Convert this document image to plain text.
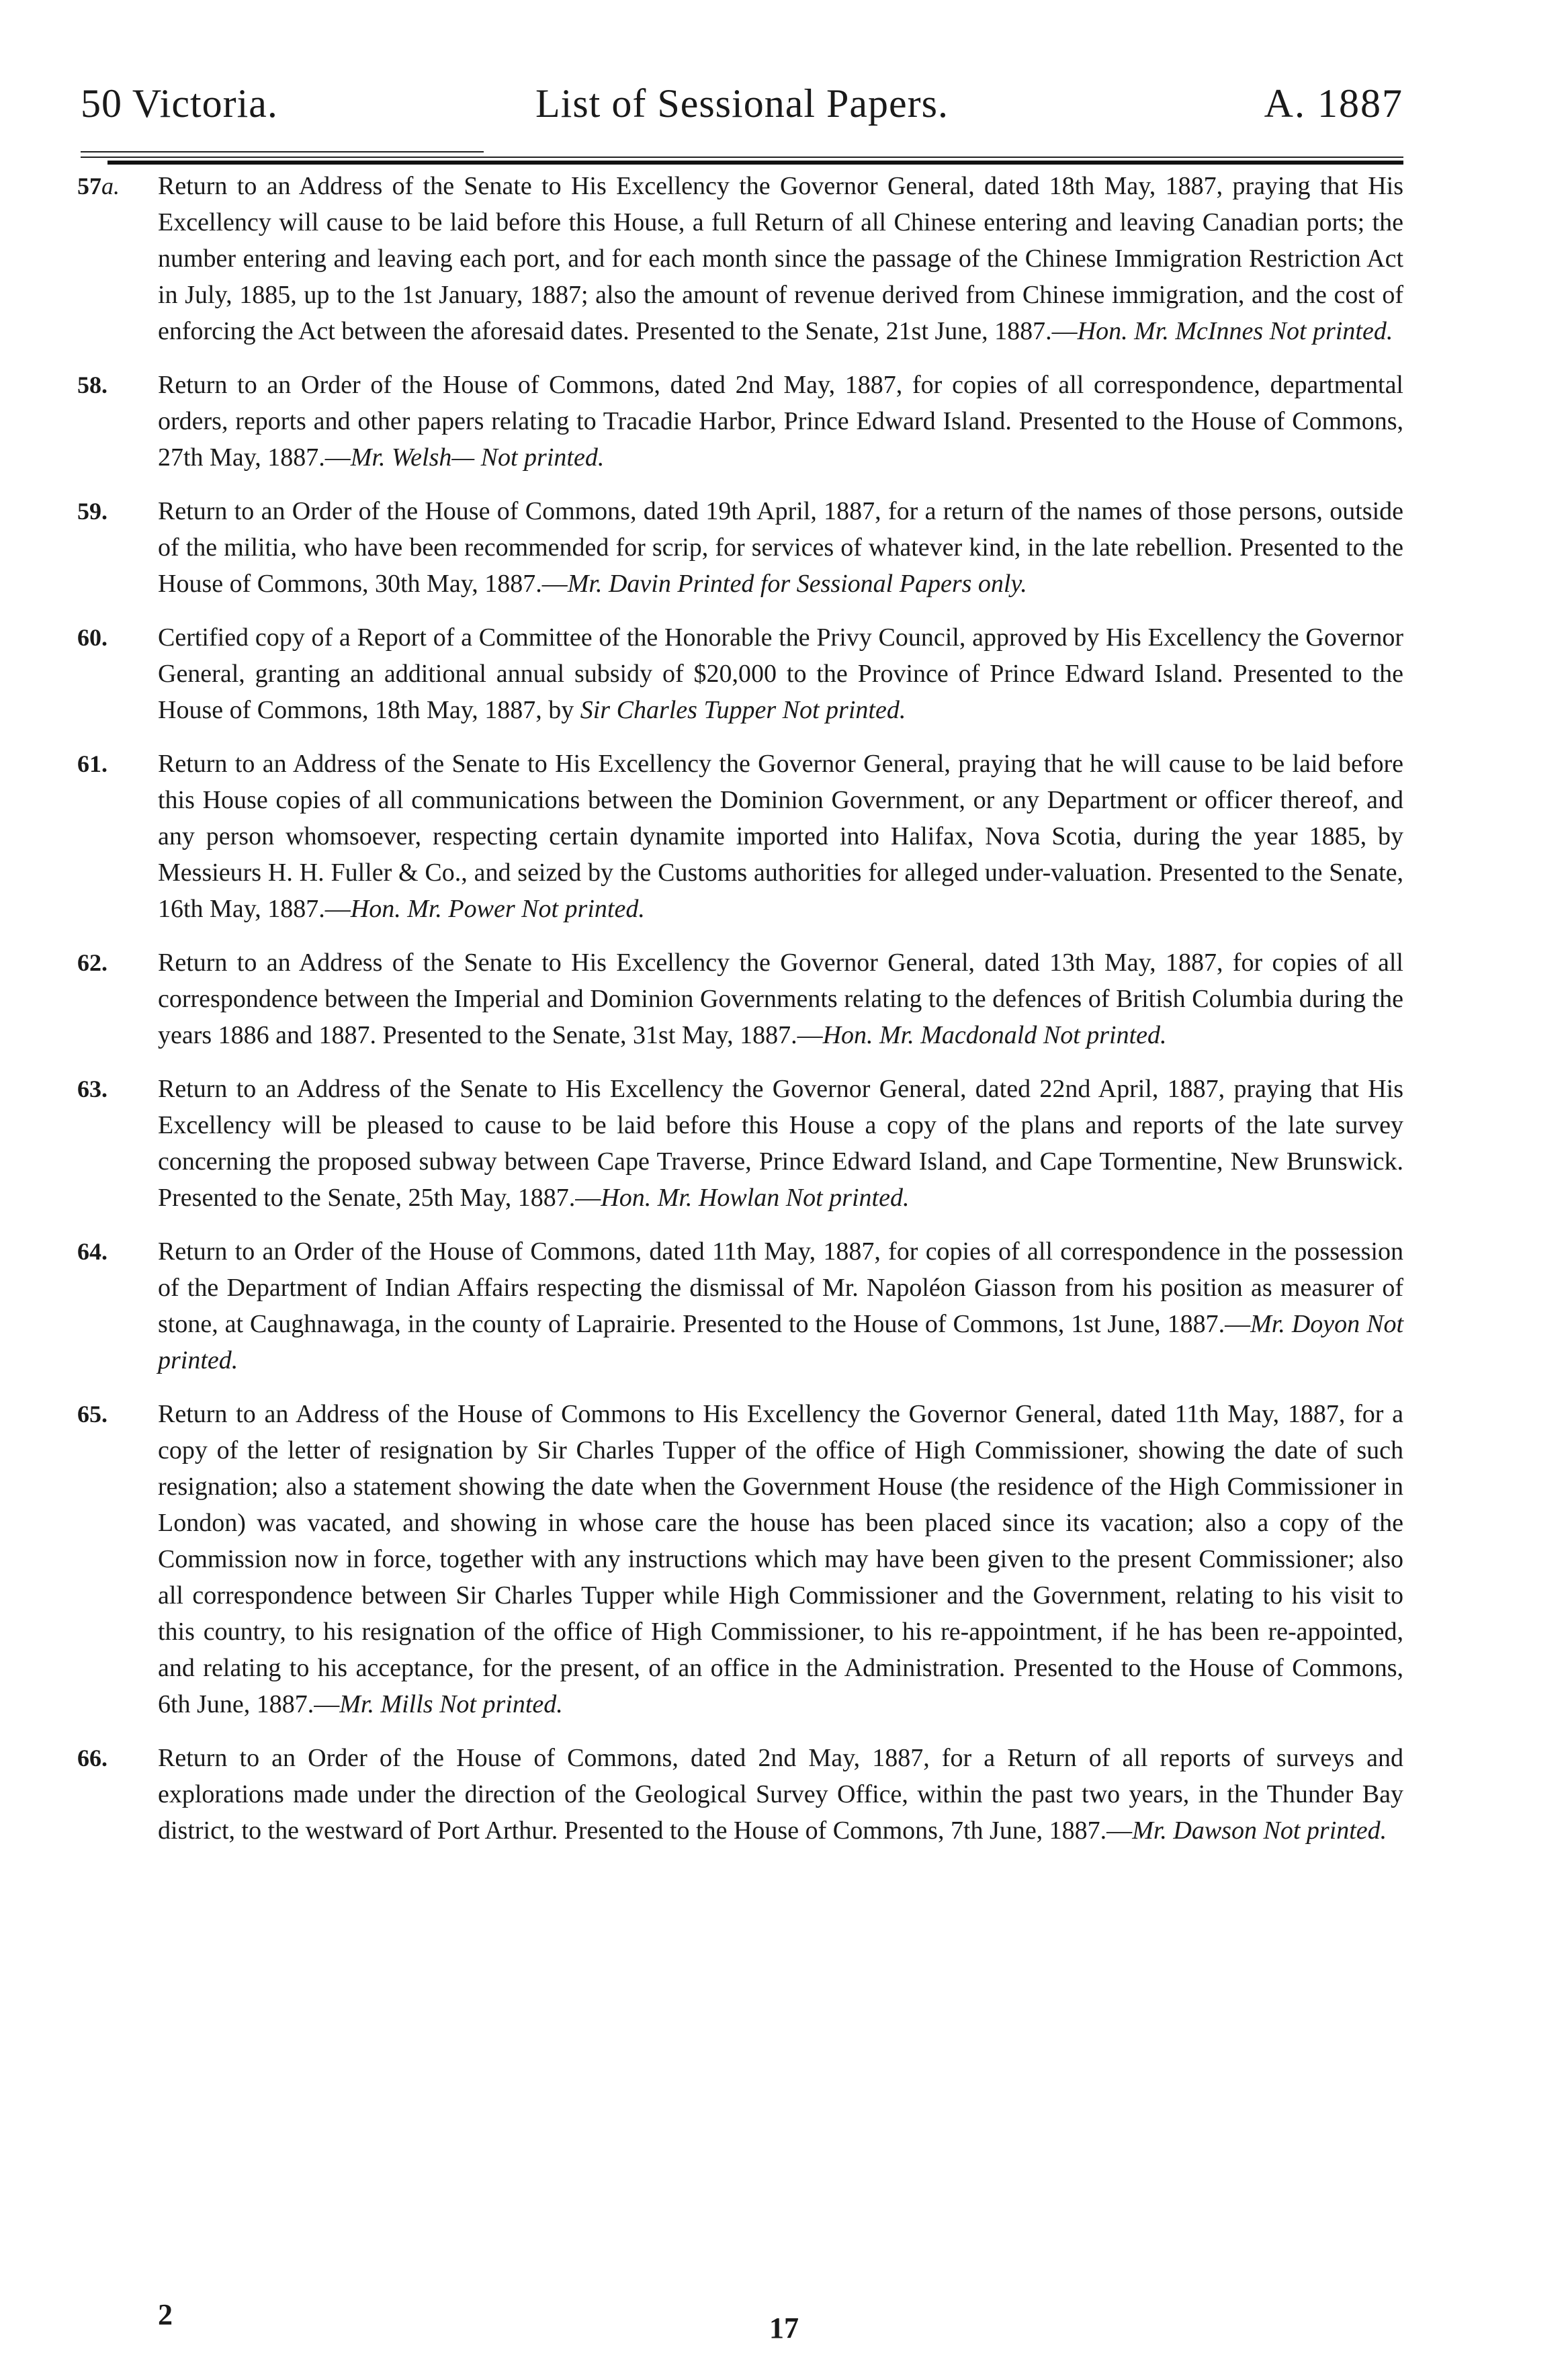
50 Victoria.	List of Sessional Papers.	A. 1887
57a. Return to an Address of the Senate to His Excellency the Governor General, dated 18th May, 1887, praying that His Excellency will cause to be laid before this House, a full Return of all Chinese entering and leaving Canadian ports; the number entering and leaving each port, and for each month since the passage of the Chinese Immigration Restriction Act in July, 1885, up to the 1st January, 1887; also the amount of revenue derived from Chinese immigration, and the cost of enforcing the Act between the aforesaid dates. Presented to the Senate, 21st June, 1887.—Hon. Mr. McInnes Not printed.
58. Return to an Order of the House of Commons, dated 2nd May, 1887, for copies of all correspondence, departmental orders, reports and other papers relating to Tracadie Harbor, Prince Edward Island. Presented to the House of Commons, 27th May, 1887.—Mr. Welsh— Not printed.
59. Return to an Order of the House of Commons, dated 19th April, 1887, for a return of the names of those persons, outside of the militia, who have been recommended for scrip, for services of whatever kind, in the late rebellion. Presented to the House of Commons, 30th May, 1887.—Mr. Davin Printed for Sessional Papers only.
60. Certified copy of a Report of a Committee of the Honorable the Privy Council, approved by His Excellency the Governor General, granting an additional annual subsidy of $20,000 to the Province of Prince Edward Island. Presented to the House of Commons, 18th May, 1887, by Sir Charles Tupper Not printed.
61. Return to an Address of the Senate to His Excellency the Governor General, praying that he will cause to be laid before this House copies of all communications between the Dominion Government, or any Department or officer thereof, and any person whomsoever, respecting certain dynamite imported into Halifax, Nova Scotia, during the year 1885, by Messieurs H. H. Fuller & Co., and seized by the Customs authorities for alleged under-valuation. Presented to the Senate, 16th May, 1887.—Hon. Mr. Power Not printed.
62. Return to an Address of the Senate to His Excellency the Governor General, dated 13th May, 1887, for copies of all correspondence between the Imperial and Dominion Governments relating to the defences of British Columbia during the years 1886 and 1887. Presented to the Senate, 31st May, 1887.—Hon. Mr. Macdonald Not printed.
63. Return to an Address of the Senate to His Excellency the Governor General, dated 22nd April, 1887, praying that His Excellency will be pleased to cause to be laid before this House a copy of the plans and reports of the late survey concerning the proposed subway between Cape Traverse, Prince Edward Island, and Cape Tormentine, New Brunswick. Presented to the Senate, 25th May, 1887.—Hon. Mr. Howlan Not printed.
64. Return to an Order of the House of Commons, dated 11th May, 1887, for copies of all correspondence in the possession of the Department of Indian Affairs respecting the dismissal of Mr. Napoléon Giasson from his position as measurer of stone, at Caughnawaga, in the county of Laprairie. Presented to the House of Commons, 1st June, 1887.—Mr. Doyon Not printed.
65. Return to an Address of the House of Commons to His Excellency the Governor General, dated 11th May, 1887, for a copy of the letter of resignation by Sir Charles Tupper of the office of High Commissioner, showing the date of such resignation; also a statement showing the date when the Government House (the residence of the High Commissioner in London) was vacated, and showing in whose care the house has been placed since its vacation; also a copy of the Commission now in force, together with any instructions which may have been given to the present Commissioner; also all correspondence between Sir Charles Tupper while High Commissioner and the Government, relating to his visit to this country, to his resignation of the office of High Commissioner, to his re-appointment, if he has been re-appointed, and relating to his acceptance, for the present, of an office in the Administration. Presented to the House of Commons, 6th June, 1887.—Mr. Mills Not printed.
66. Return to an Order of the House of Commons, dated 2nd May, 1887, for a Return of all reports of surveys and explorations made under the direction of the Geological Survey Office, within the past two years, in the Thunder Bay district, to the westward of Port Arthur. Presented to the House of Commons, 7th June, 1887.—Mr. Dawson Not printed.
2	17
